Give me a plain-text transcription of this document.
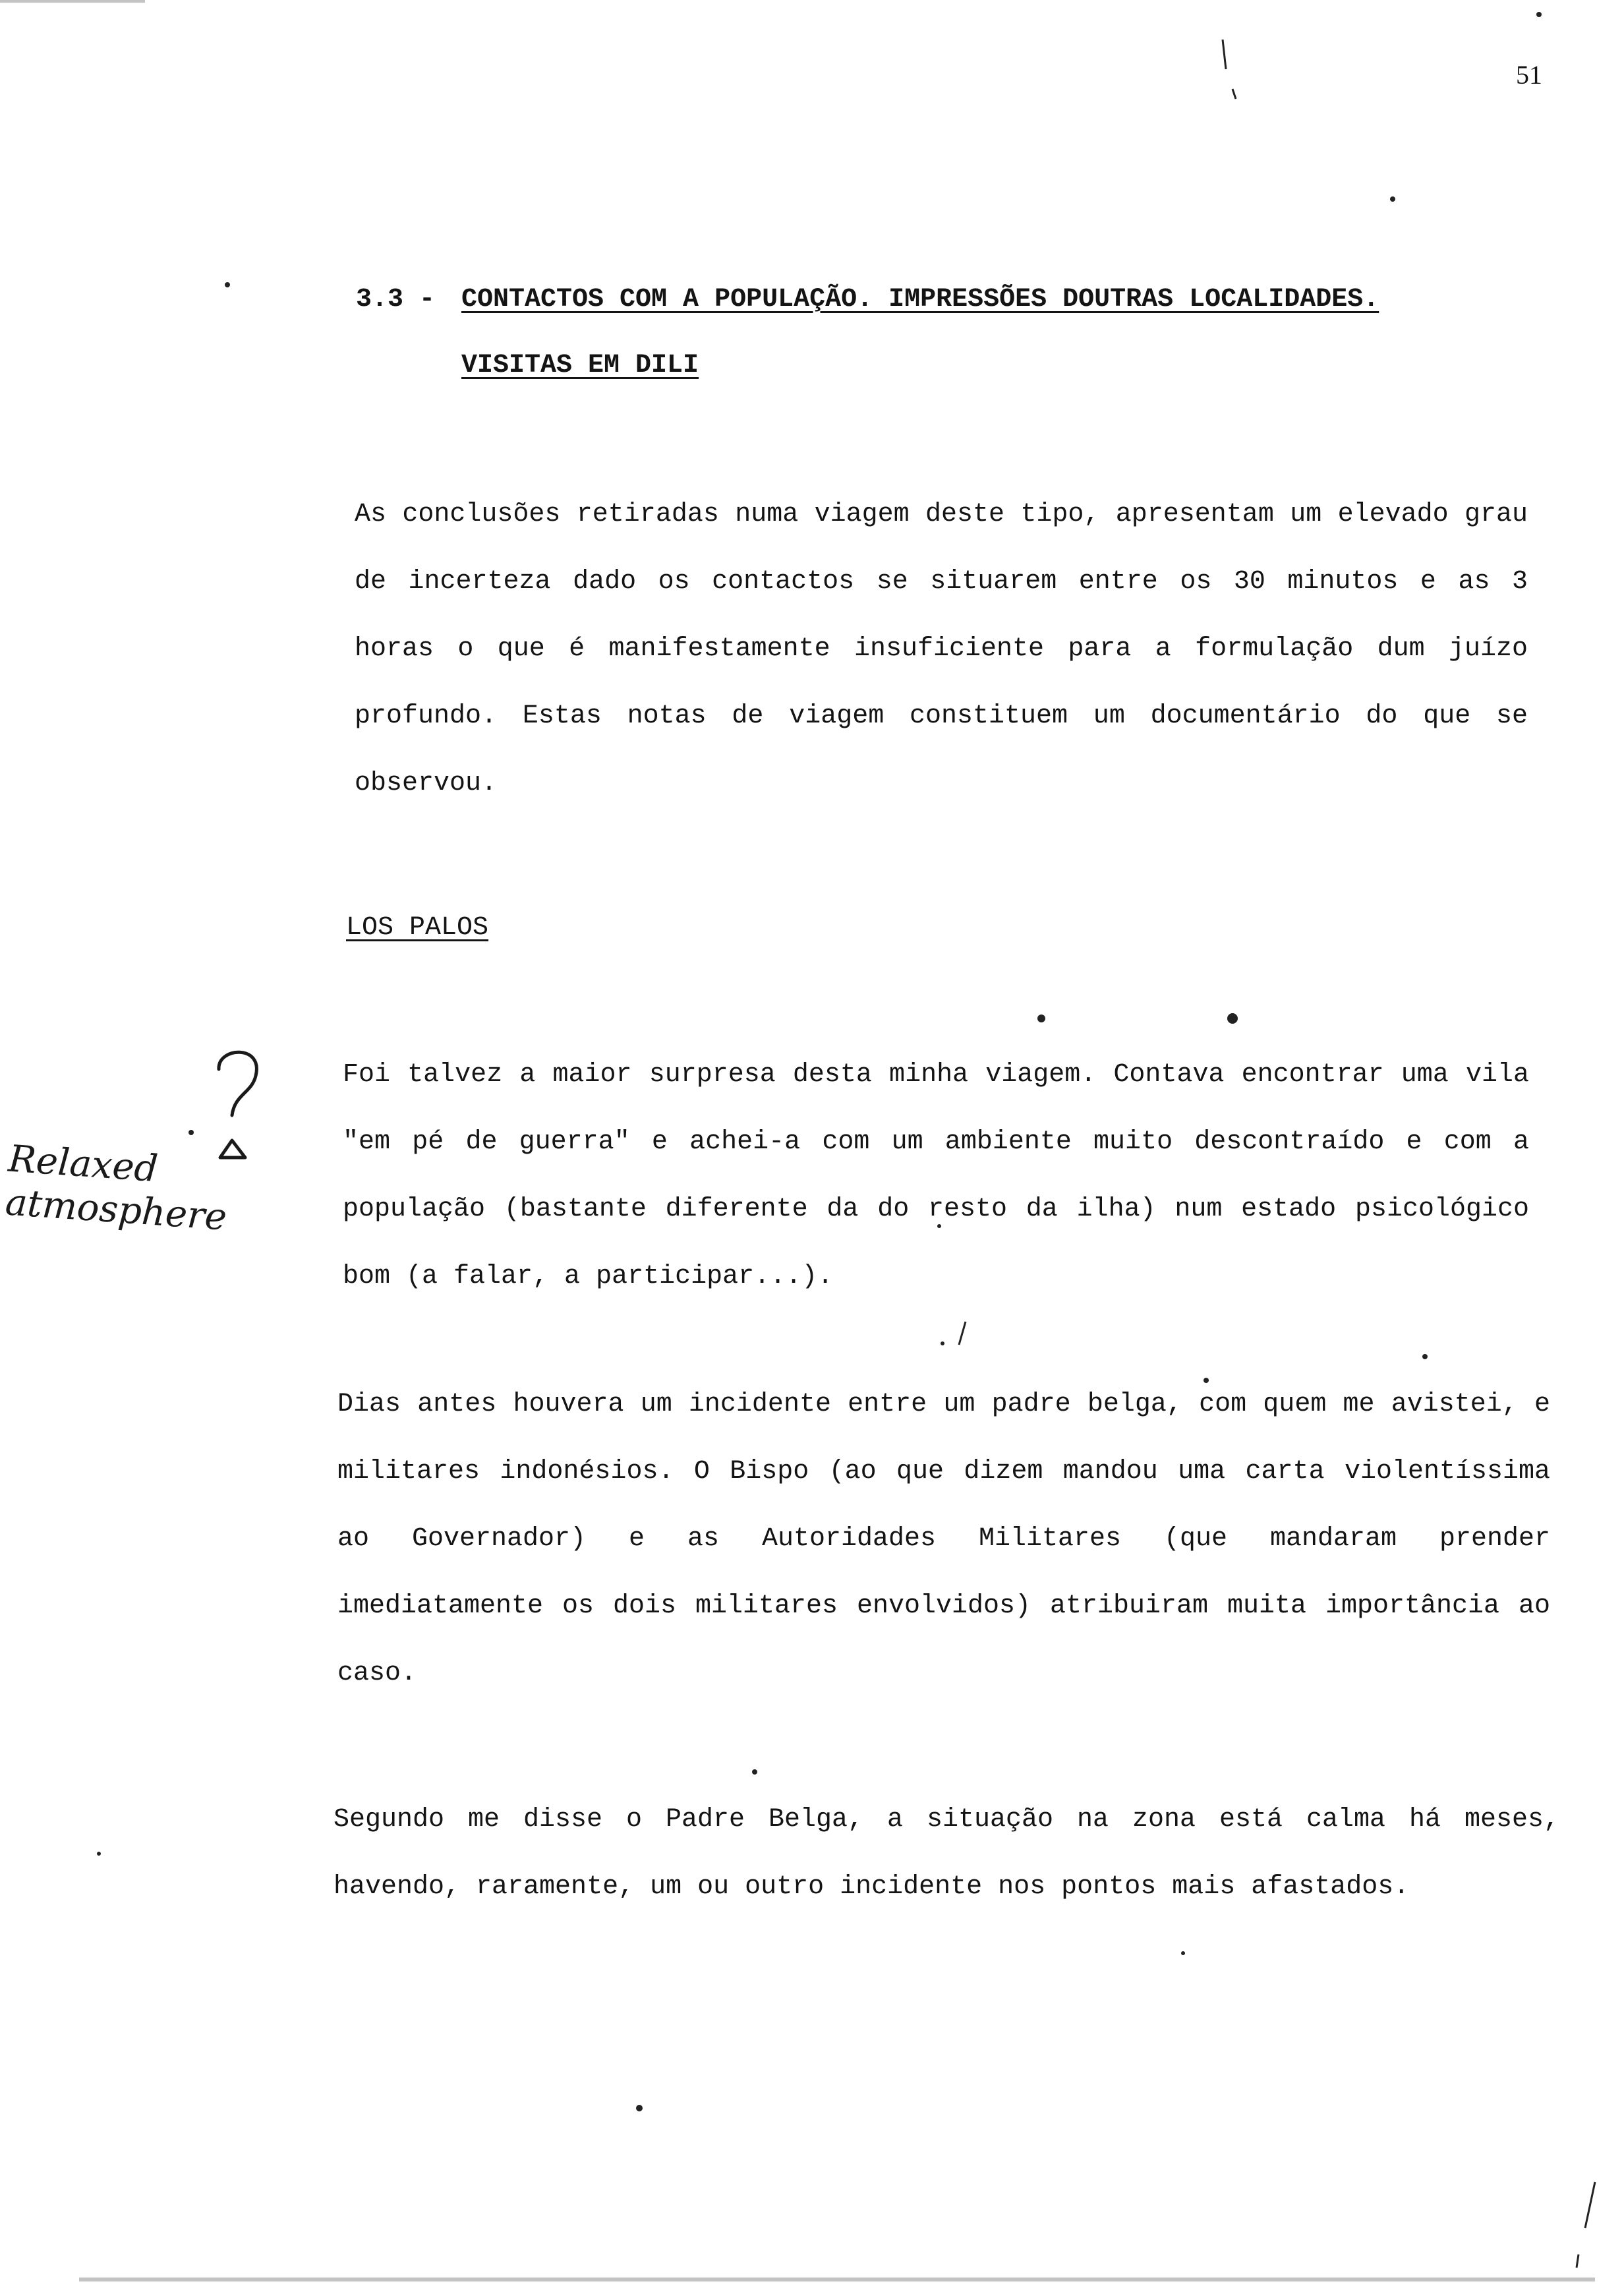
51
3.3 - CONTACTOS COM A POPULAÇÃO. IMPRESSÕES DOUTRAS LOCALIDADES.
VISITAS EM DILI
As conclusões retiradas numa viagem deste tipo, apresentam um elevado grau de incerteza dado os contactos se situarem entre os 30 minutos e as 3 horas o que é manifestamente insuficiente para a formulação dum juízo profundo. Estas notas de viagem constituem um documentário do que se observou.
LOS PALOS
Foi talvez a maior surpresa desta minha viagem. Contava encontrar uma vila "em pé de guerra" e achei-a com um ambiente muito descontraído e com a população (bastante diferente da do resto da ilha) num estado psicológico bom (a falar, a participar...).
Dias antes houvera um incidente entre um padre belga, com quem me avistei, e militares indonésios. O Bispo (ao que dizem mandou uma carta violentíssima ao Governador) e as Autoridades Militares (que mandaram prender imediatamente os dois militares envolvidos) atribuiram muita importância ao caso.
Segundo me disse o Padre Belga, a situação na zona está calma há meses, havendo, raramente, um ou outro incidente nos pontos mais afastados.
Relaxed atmosphere
